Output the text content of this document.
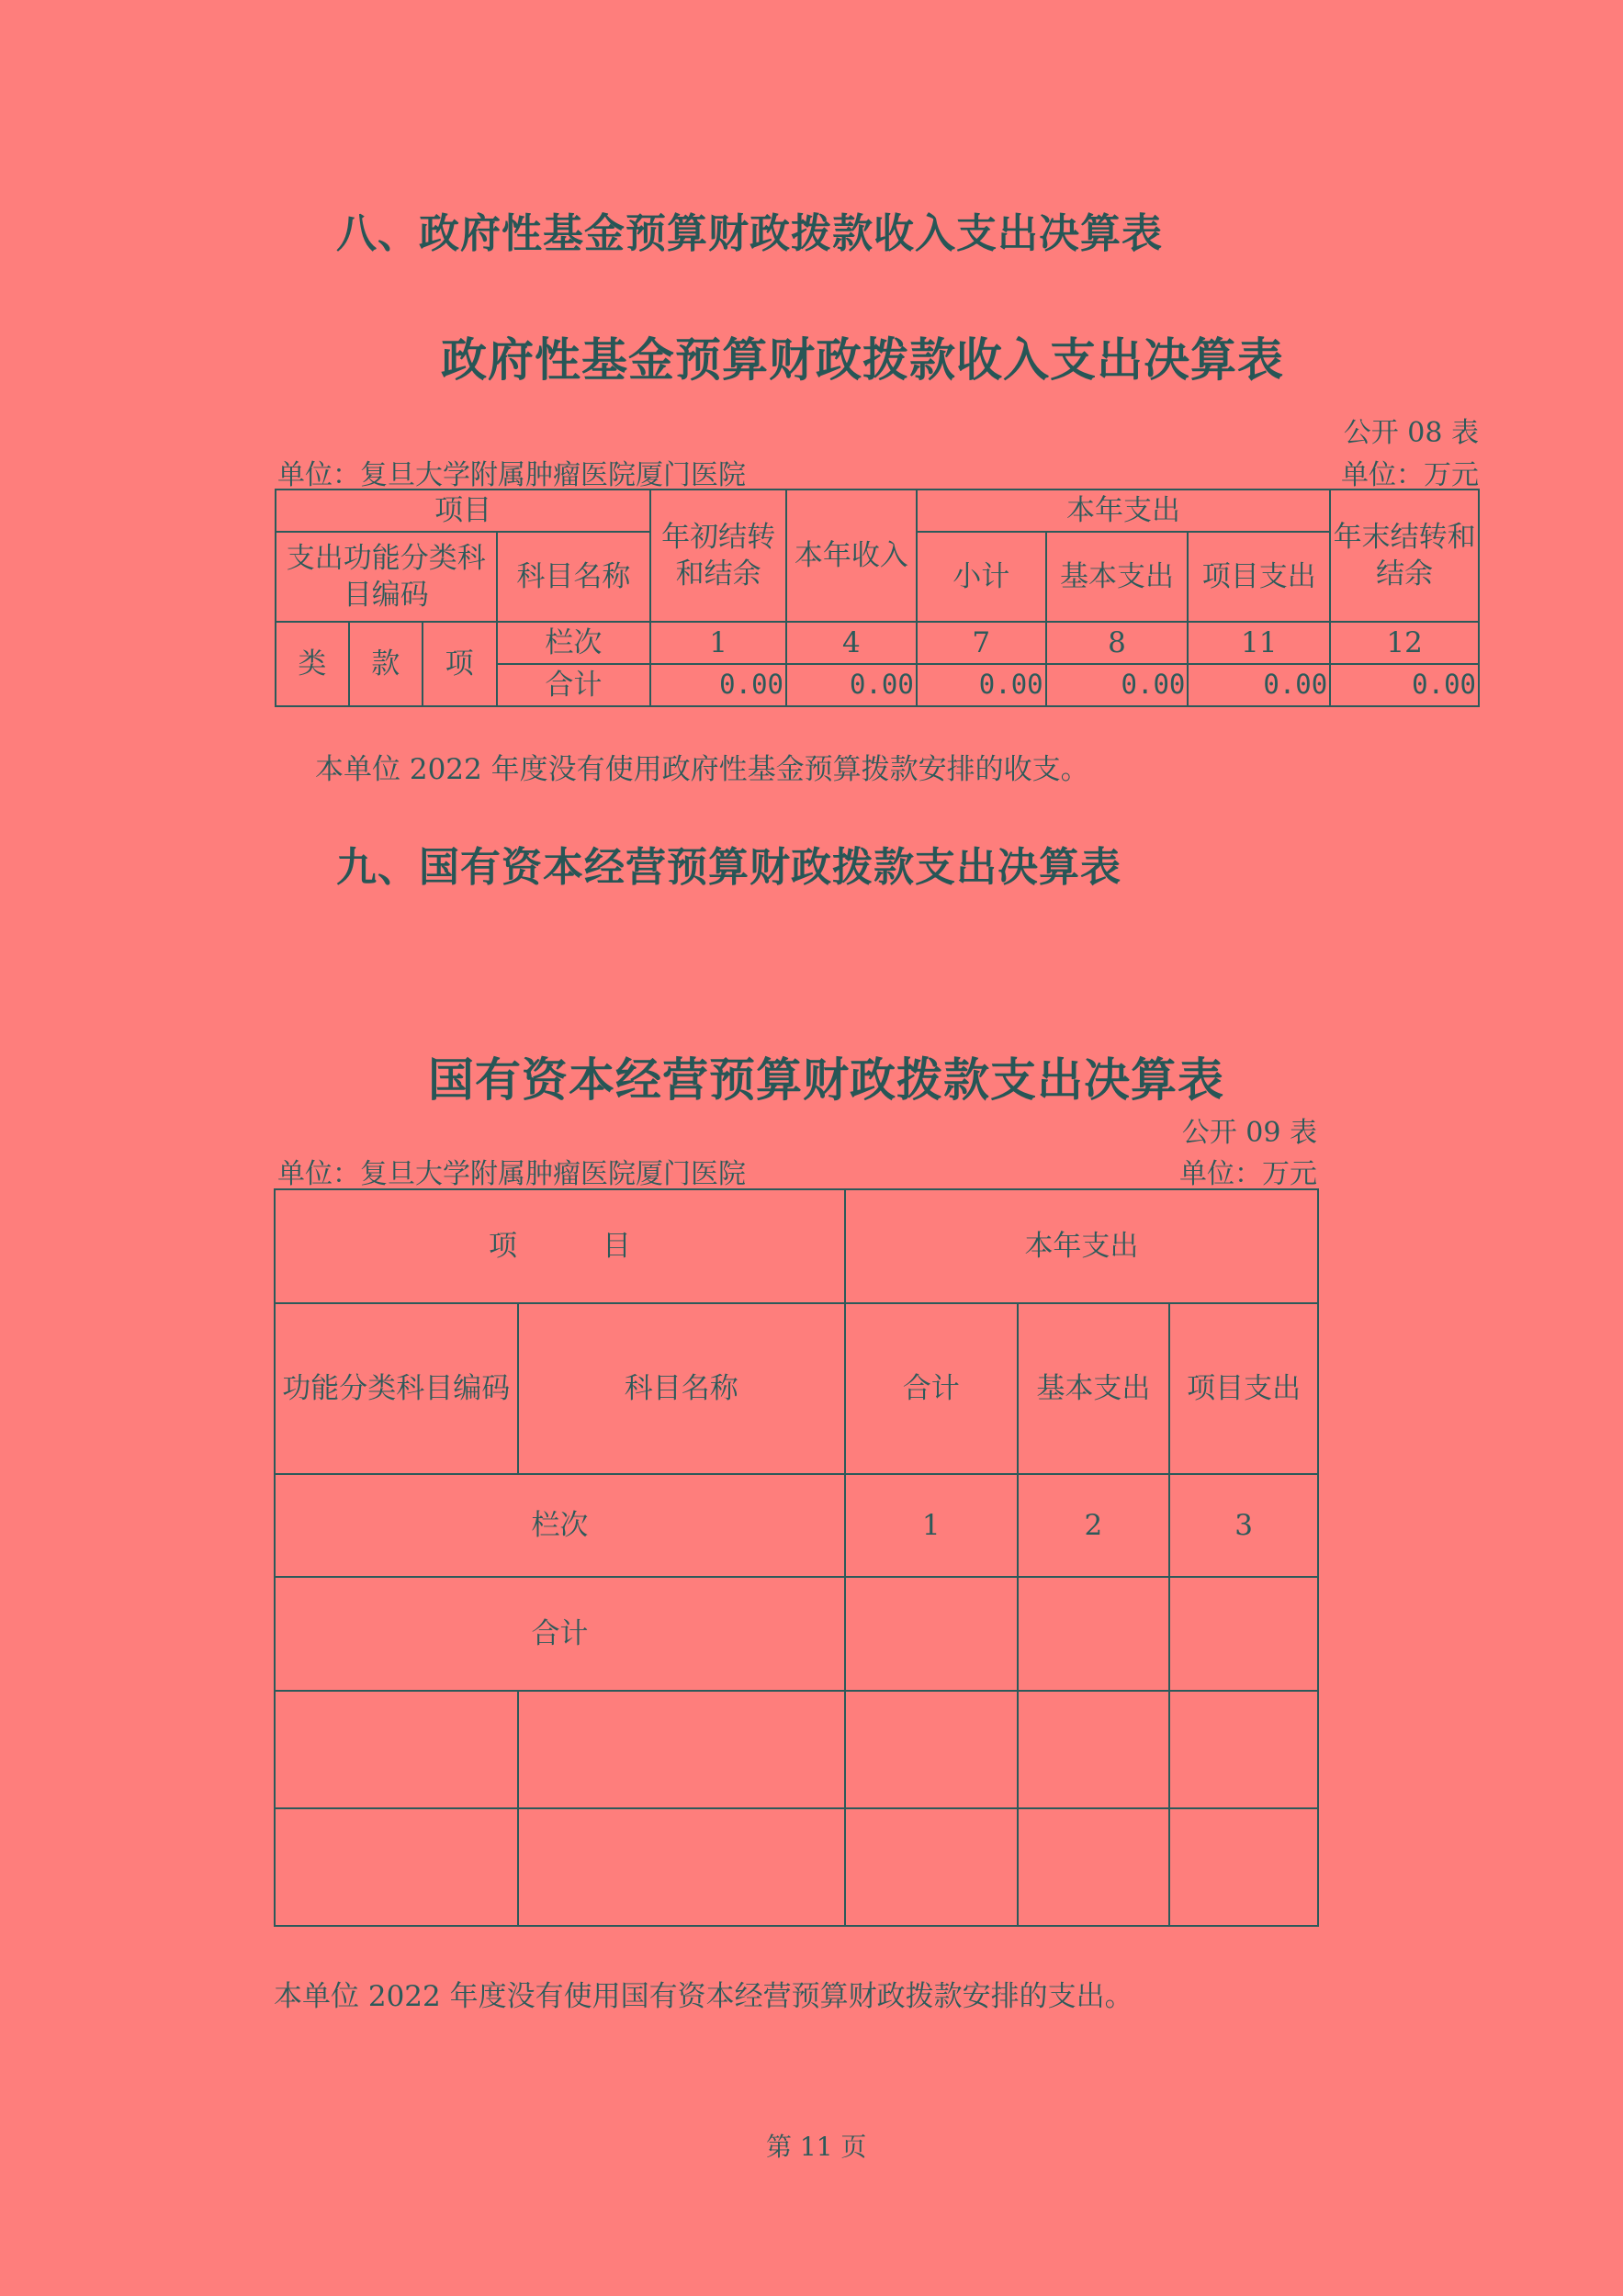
八、政府性基金预算财政拨款收入支出决算表
政府性基金预算财政拨款收入支出决算表
公开 08 表
单位：复旦大学附属肿瘤医院厦门医院	单位：万元
项目				年初结转和结余	本年收入	本年支出			年末结转和结余
支出功能分类科目编码			科目名称			小计	基本支出	项目支出	
类	款	项	栏次	1	4	7	8	11	12
			合计	0.00	0.00	0.00	0.00	0.00	0.00
本单位 2022 年度没有使用政府性基金预算拨款安排的收支。
九、国有资本经营预算财政拨款支出决算表
国有资本经营预算财政拨款支出决算表
公开 09 表
单位：复旦大学附属肿瘤医院厦门医院	单位：万元
项　　　目		本年支出		
功能分类科目编码	科目名称	合计	基本支出	项目支出
栏次		1	2	3
合计				

本单位 2022 年度没有使用国有资本经营预算财政拨款安排的支出。
第 11 页
